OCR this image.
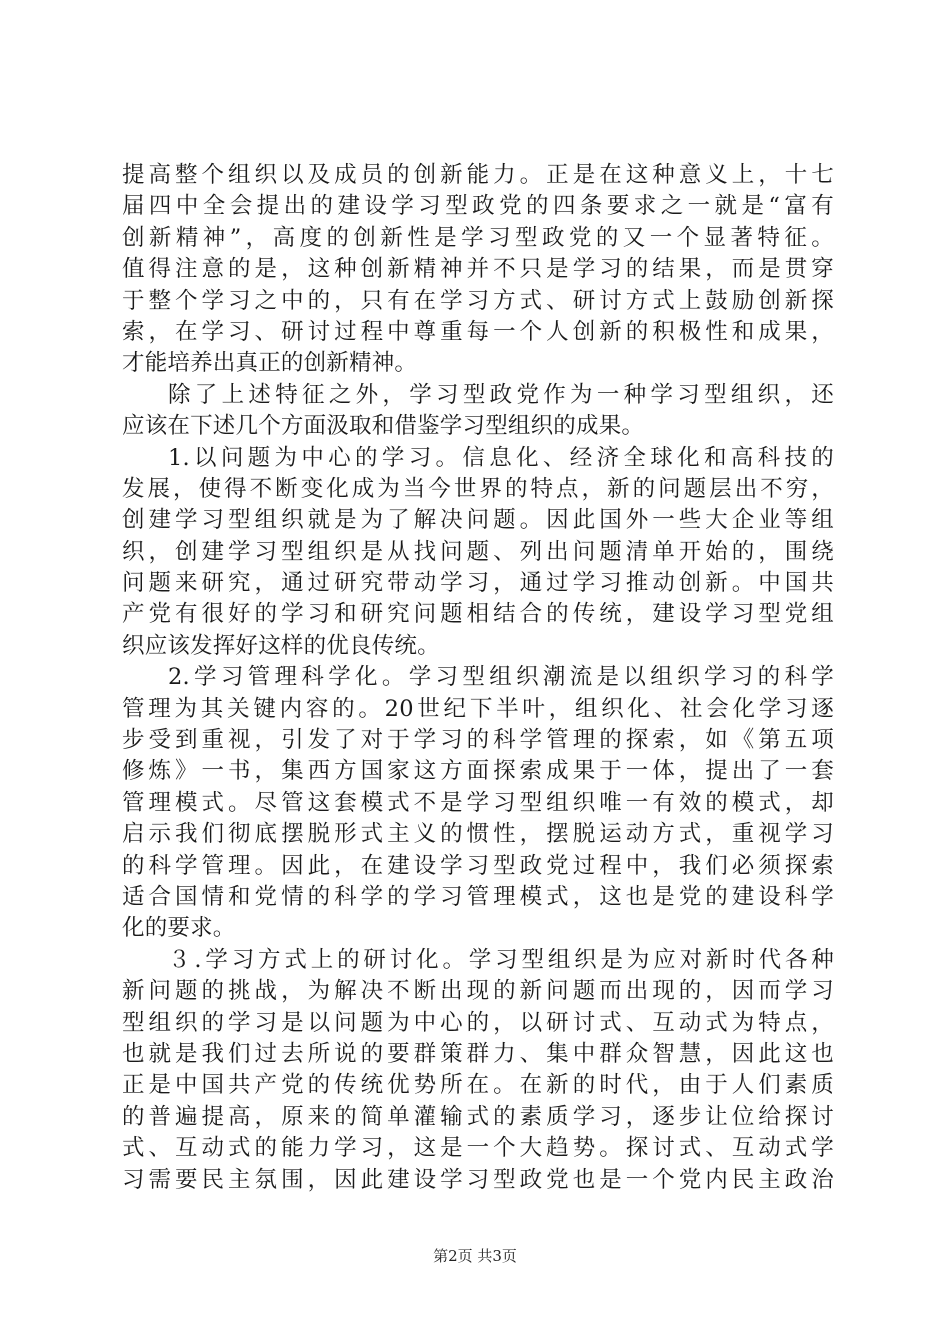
提高整个组织以及成员的创新能力。正是在这种意义上，十七
届四中全会提出的建设学习型政党的四条要求之一就是“富有
创新精神”，高度的创新性是学习型政党的又一个显著特征。
值得注意的是，这种创新精神并不只是学习的结果，而是贯穿
于整个学习之中的，只有在学习方式、研讨方式上鼓励创新探
索，在学习、研讨过程中尊重每一个人创新的积极性和成果，
才能培养出真正的创新精神。
除了上述特征之外，学习型政党作为一种学习型组织，还
应该在下述几个方面汲取和借鉴学习型组织的成果。
1.以问题为中心的学习。信息化、经济全球化和高科技的
发展，使得不断变化成为当今世界的特点，新的问题层出不穷，
创建学习型组织就是为了解决问题。因此国外一些大企业等组
织，创建学习型组织是从找问题、列出问题清单开始的，围绕
问题来研究，通过研究带动学习，通过学习推动创新。中国共
产党有很好的学习和研究问题相结合的传统，建设学习型党组
织应该发挥好这样的优良传统。
2.学习管理科学化。学习型组织潮流是以组织学习的科学
管理为其关键内容的。20世纪下半叶，组织化、社会化学习逐
步受到重视，引发了对于学习的科学管理的探索，如《第五项
修炼》一书，集西方国家这方面探索成果于一体，提出了一套
管理模式。尽管这套模式不是学习型组织唯一有效的模式，却
启示我们彻底摆脱形式主义的惯性，摆脱运动方式，重视学习
的科学管理。因此，在建设学习型政党过程中，我们必须探索
适合国情和党情的科学的学习管理模式，这也是党的建设科学
化的要求。
３.学习方式上的研讨化。学习型组织是为应对新时代各种
新问题的挑战，为解决不断出现的新问题而出现的，因而学习
型组织的学习是以问题为中心的，以研讨式、互动式为特点，
也就是我们过去所说的要群策群力、集中群众智慧，因此这也
正是中国共产党的传统优势所在。在新的时代，由于人们素质
的普遍提高，原来的简单灌输式的素质学习，逐步让位给探讨
式、互动式的能力学习，这是一个大趋势。探讨式、互动式学
习需要民主氛围，因此建设学习型政党也是一个党内民主政治
第2页 共3页
